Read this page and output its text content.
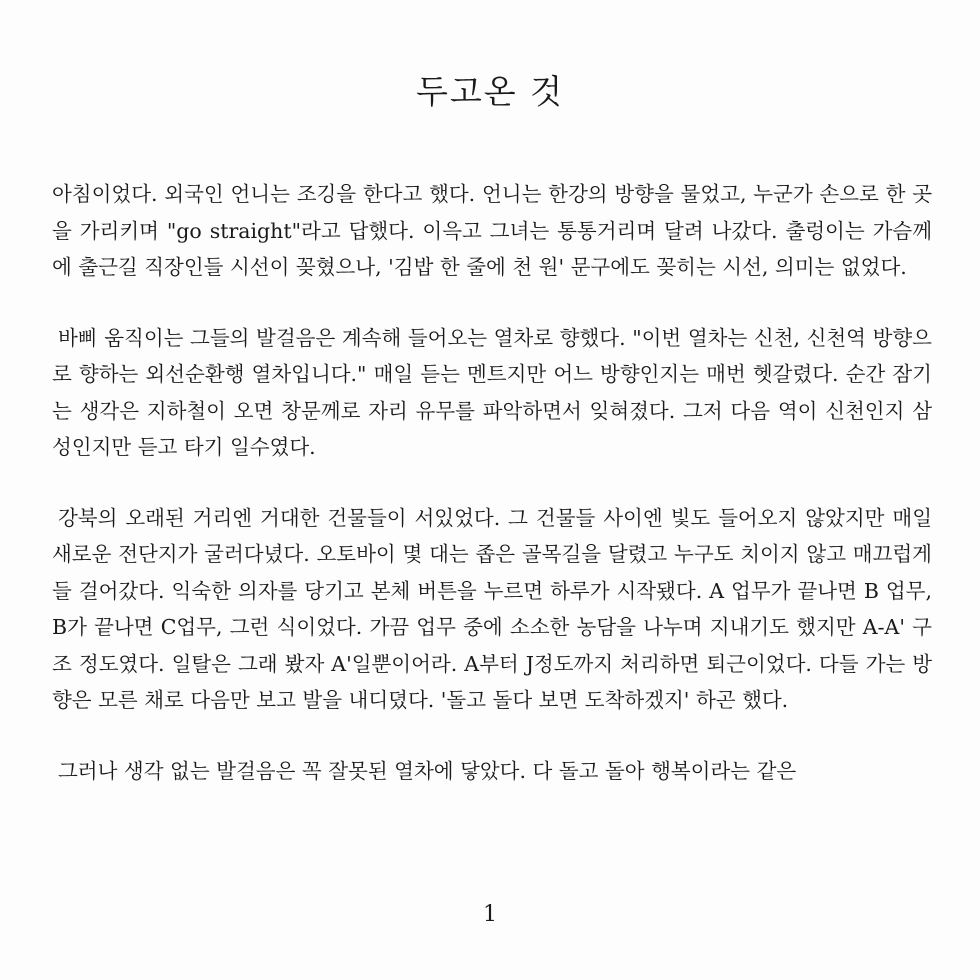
두고온 것

아침이었다. 외국인 언니는 조깅을 한다고 했다. 언니는 한강의 방향을 물었고, 누군가 손으로 한 곳을 가리키며 "go straight"라고 답했다. 이윽고 그녀는 통통거리며 달려 나갔다. 출렁이는 가슴께에 출근길 직장인들 시선이 꽂혔으나, '김밥 한 줄에 천 원' 문구에도 꽂히는 시선, 의미는 없었다.

바삐 움직이는 그들의 발걸음은 계속해 들어오는 열차로 향했다. "이번 열차는 신천, 신천역 방향으로 향하는 외선순환행 열차입니다." 매일 듣는 멘트지만 어느 방향인지는 매번 헷갈렸다. 순간 잠기는 생각은 지하철이 오면 창문께로 자리 유무를 파악하면서 잊혀졌다. 그저 다음 역이 신천인지 삼성인지만 듣고 타기 일수였다.

강북의 오래된 거리엔 거대한 건물들이 서있었다. 그 건물들 사이엔 빛도 들어오지 않았지만 매일 새로운 전단지가 굴러다녔다. 오토바이 몇 대는 좁은 골목길을 달렸고 누구도 치이지 않고 매끄럽게들 걸어갔다. 익숙한 의자를 당기고 본체 버튼을 누르면 하루가 시작됐다. A 업무가 끝나면 B 업무, B가 끝나면 C업무, 그런 식이었다. 가끔 업무 중에 소소한 농담을 나누며 지내기도 했지만 A-A' 구조 정도였다. 일탈은 그래 봤자 A'일뿐이어라. A부터 J정도까지 처리하면 퇴근이었다. 다들 가는 방향은 모른 채로 다음만 보고 발을 내디뎠다. '돌고 돌다 보면 도착하겠지' 하곤 했다.

그러나 생각 없는 발걸음은 꼭 잘못된 열차에 닿았다. 다 돌고 돌아 행복이라는 같은

1
